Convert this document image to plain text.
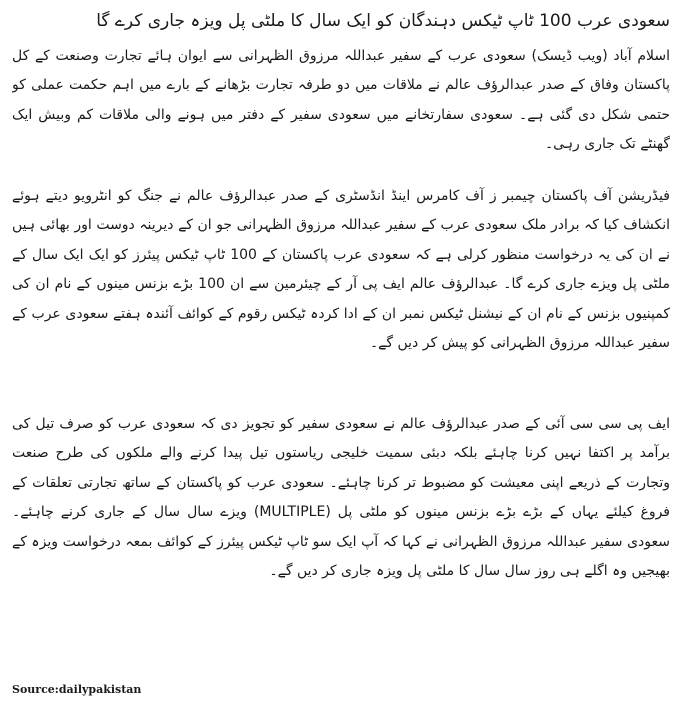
سعودی عرب 100 ٹاپ ٹیکس دہندگان کو ایک سال کا ملٹی پل ویزہ جاری کرے گا

اسلام آباد (ویب ڈیسک) سعودی عرب کے سفیر عبداللہ مرزوق الظہرانی سے ایوان ہائے تجارت وصنعت کے کل پاکستان وفاق کے صدر عبدالرؤف عالم نے ملاقات میں دو طرفہ تجارت بڑھانے کے بارے میں اہم حکمت عملی کو حتمی شکل دی گئی ہے۔ سعودی سفارتخانے میں سعودی سفیر کے دفتر میں ہونے والی ملاقات کم وبیش ایک گھنٹے تک جاری رہی۔

فیڈریشن آف پاکستان چیمبر ز آف کامرس اینڈ انڈسٹری کے صدر عبدالرؤف عالم نے جنگ کو انٹرویو دیتے ہوئے انکشاف کیا کہ برادر ملک سعودی عرب کے سفیر عبداللہ مرزوق الظہرانی جو ان کے دیرینہ دوست اور بھائی ہیں نے ان کی یہ درخواست منظور کرلی ہے کہ سعودی عرب پاکستان کے 100 ٹاپ ٹیکس پیئرز کو ایک ایک سال کے ملٹی پل ویزے جاری کرے گا۔ عبدالرؤف عالم ایف پی آر کے چیئرمین سے ان 100 بڑے بزنس مینوں کے نام ان کی کمپنیوں بزنس کے نام ان کے نیشنل ٹیکس نمبر ان کے ادا کردہ ٹیکس رقوم کے کوائف آئندہ ہفتے سعودی عرب کے سفیر عبداللہ مرزوق الظہرانی کو پیش کر دیں گے۔

ایف پی سی سی آئی کے صدر عبدالرؤف عالم نے سعودی سفیر کو تجویز دی کہ سعودی عرب کو صرف تیل کی برآمد پر اکتفا نہیں کرنا چاہئے بلکہ دبئی سمیت خلیجی ریاستوں تیل پیدا کرنے والے ملکوں کی طرح صنعت وتجارت کے ذریعے اپنی معیشت کو مضبوط تر کرنا چاہئے۔ سعودی عرب کو پاکستان کے ساتھ تجارتی تعلقات کے فروغ کیلئے یہاں کے بڑے بڑے بزنس مینوں کو ملٹی پل (MULTIPLE) ویزے سال سال کے جاری کرنے چاہئے۔ سعودی سفیر عبداللہ مرزوق الظہرانی نے کہا کہ آپ ایک سو ٹاپ ٹیکس پیئرز کے کوائف بمعہ درخواست ویزہ کے بھیجیں وہ اگلے ہی روز سال سال کا ملٹی پل ویزہ جاری کر دیں گے۔

Source:dailypakistan
